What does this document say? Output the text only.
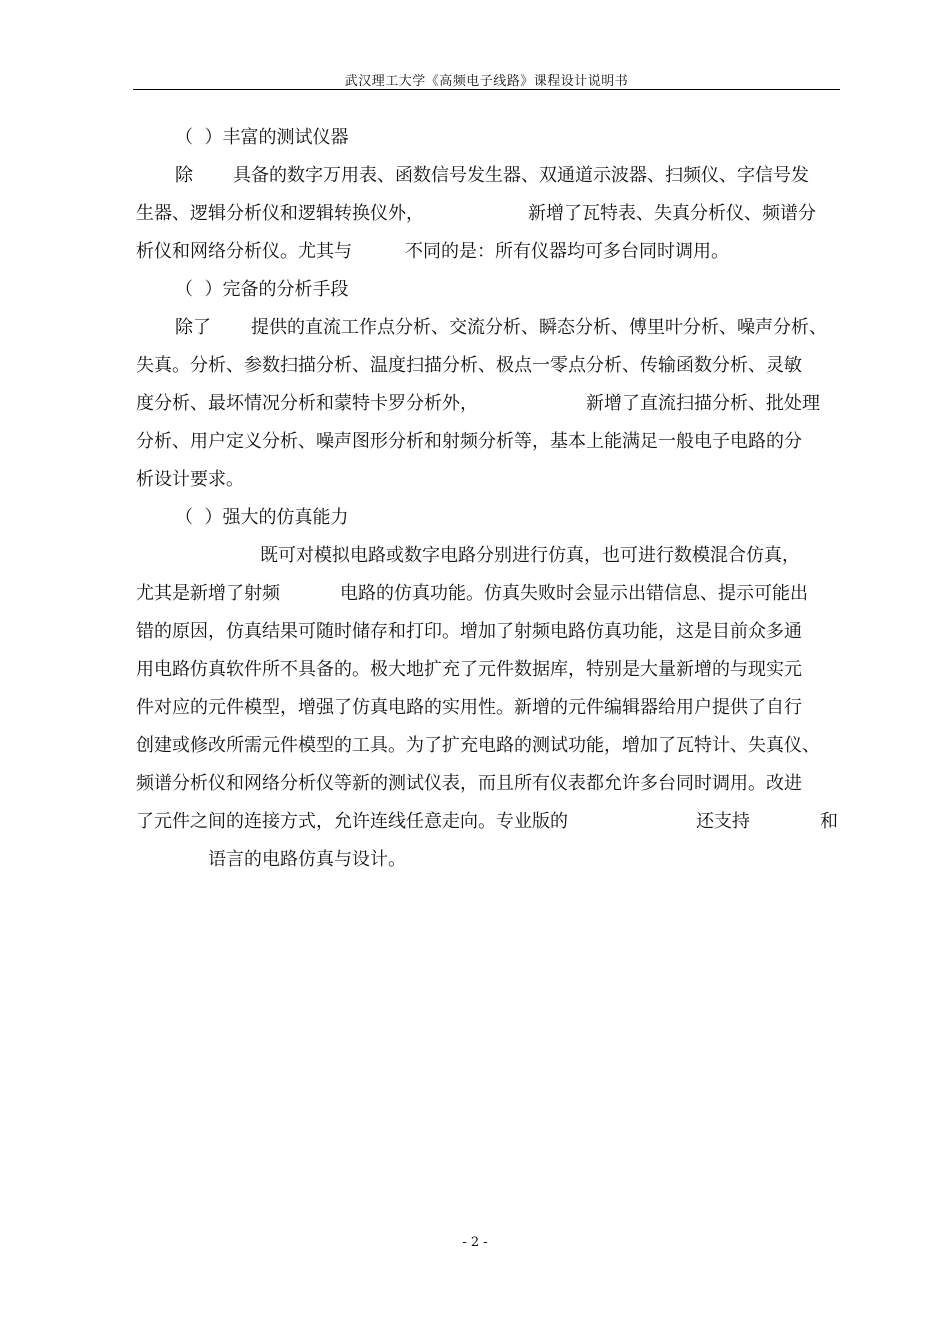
武汉理工大学《高频电子线路》课程设计说明书
（  ）丰富的测试仪器
除 具备的数字万用表、函数信号发生器、双通道示波器、扫频仪、字信号发
生器、逻辑分析仪和逻辑转换仪外，	新增了瓦特表、失真分析仪、频谱分
析仪和网络分析仪。尤其与	不同的是：所有仪器均可多台同时调用。
（  ）完备的分析手段
除了 提供的直流工作点分析、交流分析、瞬态分析、傅里叶分析、噪声分析、
失真。分析、参数扫描分析、温度扫描分析、极点一零点分析、传输函数分析、灵敏
度分析、最坏情况分析和蒙特卡罗分析外，	新增了直流扫描分析、批处理
分析、用户定义分析、噪声图形分析和射频分析等，基本上能满足一般电子电路的分
析设计要求。
（  ）强大的仿真能力
既可对模拟电路或数字电路分别进行仿真，也可进行数模混合仿真，
尤其是新增了射频	电路的仿真功能。仿真失败时会显示出错信息、提示可能出
错的原因，仿真结果可随时储存和打印。增加了射频电路仿真功能，这是目前众多通
用电路仿真软件所不具备的。极大地扩充了元件数据库，特别是大量新增的与现实元
件对应的元件模型，增强了仿真电路的实用性。新增的元件编辑器给用户提供了自行
创建或修改所需元件模型的工具。为了扩充电路的测试功能，增加了瓦特计、失真仪、
频谱分析仪和网络分析仪等新的测试仪表，而且所有仪表都允许多台同时调用。改进
了元件之间的连接方式，允许连线任意走向。专业版的	还支持	和
语言的电路仿真与设计。
- 2 -
